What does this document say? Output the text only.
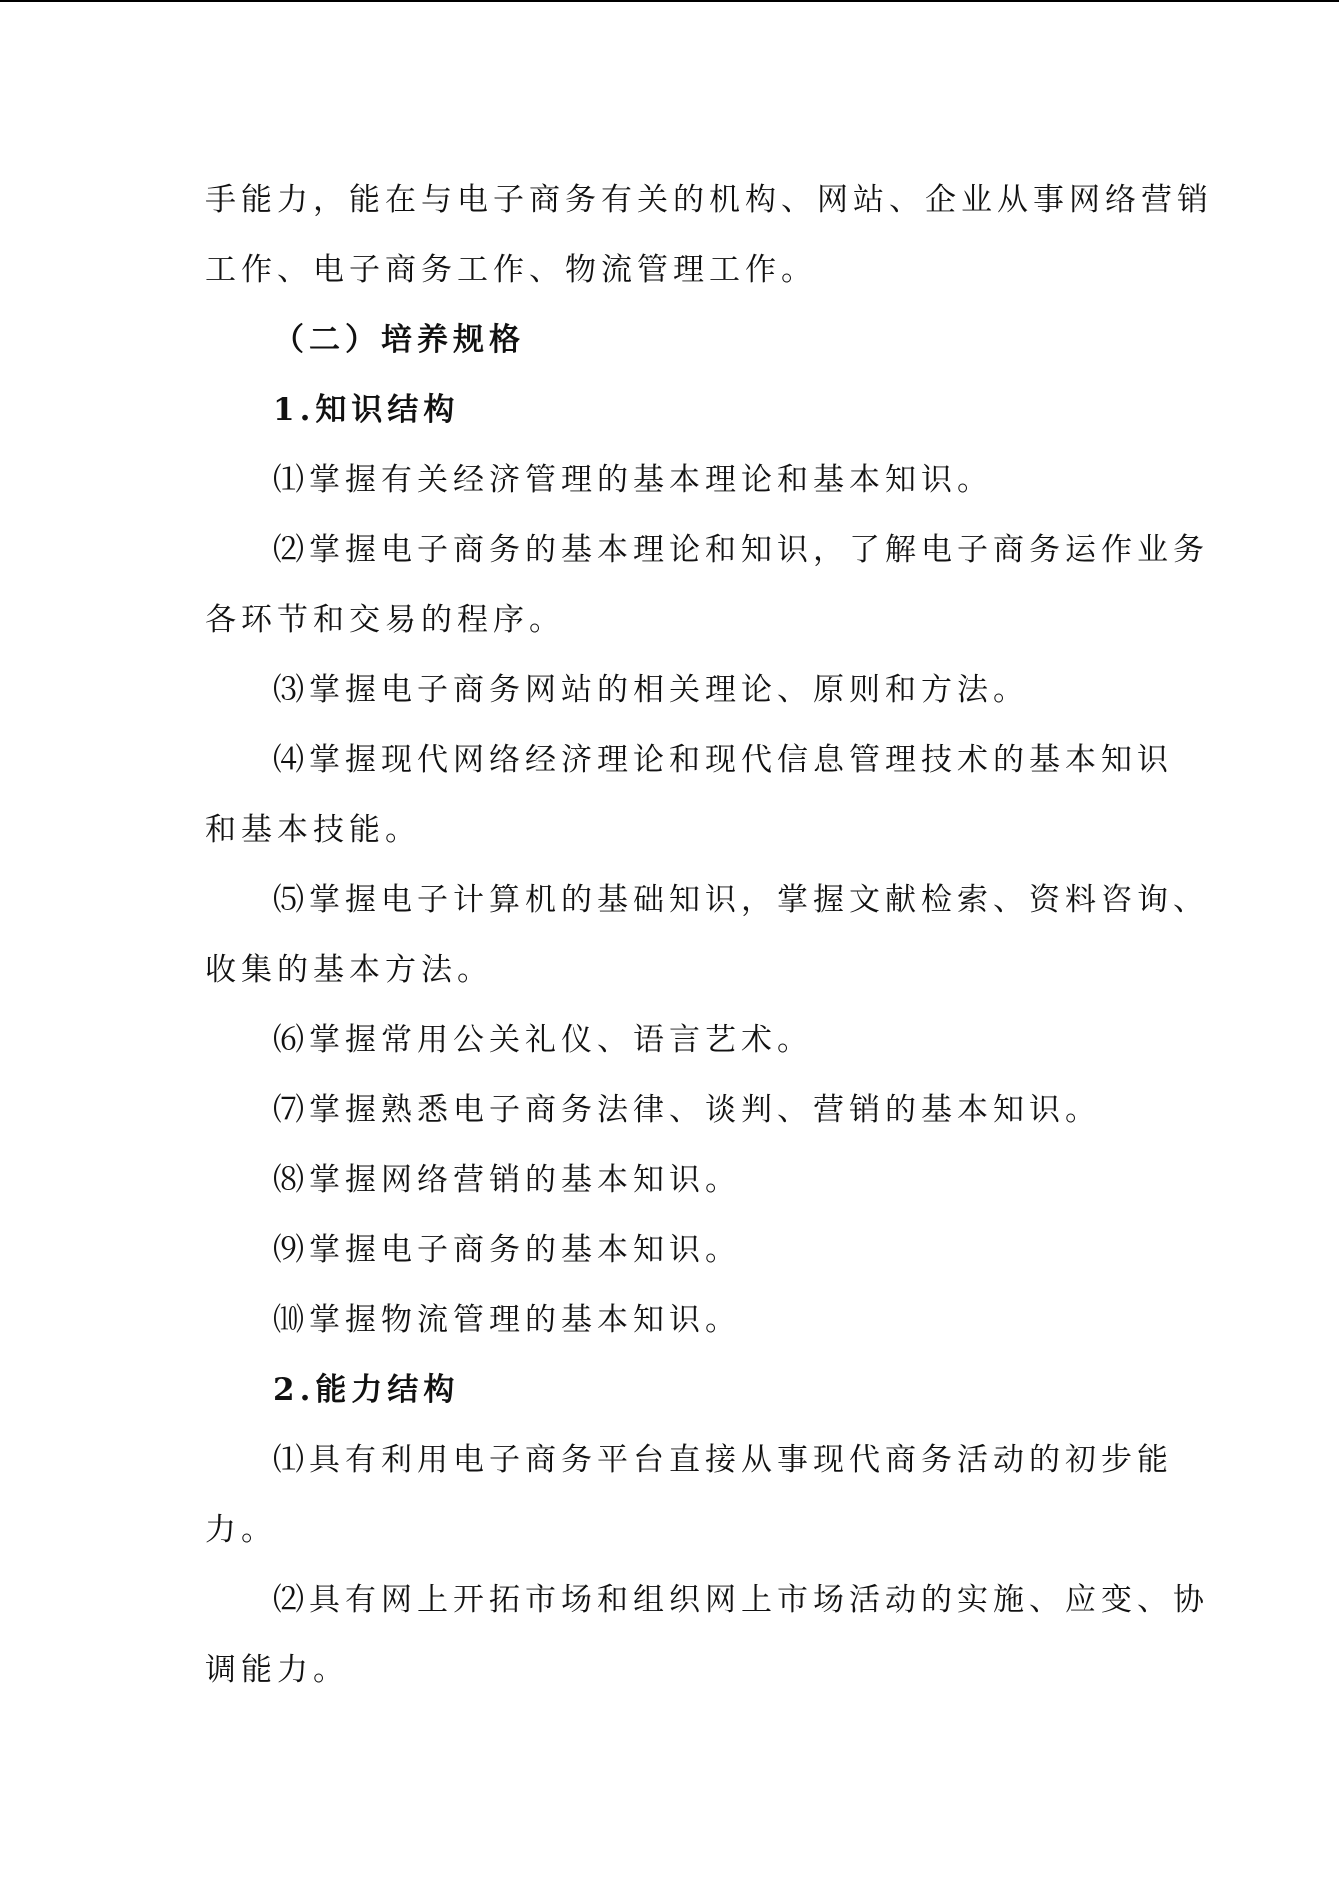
手能力，能在与电子商务有关的机构、网站、企业从事网络营销
工作、电子商务工作、物流管理工作。
（二）培养规格
1.知识结构
⑴掌握有关经济管理的基本理论和基本知识。
⑵掌握电子商务的基本理论和知识，了解电子商务运作业务
各环节和交易的程序。
⑶掌握电子商务网站的相关理论、原则和方法。
⑷掌握现代网络经济理论和现代信息管理技术的基本知识
和基本技能。
⑸掌握电子计算机的基础知识，掌握文献检索、资料咨询、
收集的基本方法。
⑹掌握常用公关礼仪、语言艺术。
⑺掌握熟悉电子商务法律、谈判、营销的基本知识。
⑻掌握网络营销的基本知识。
⑼掌握电子商务的基本知识。
⑽掌握物流管理的基本知识。
2.能力结构
⑴具有利用电子商务平台直接从事现代商务活动的初步能
力。
⑵具有网上开拓市场和组织网上市场活动的实施、应变、协
调能力。
